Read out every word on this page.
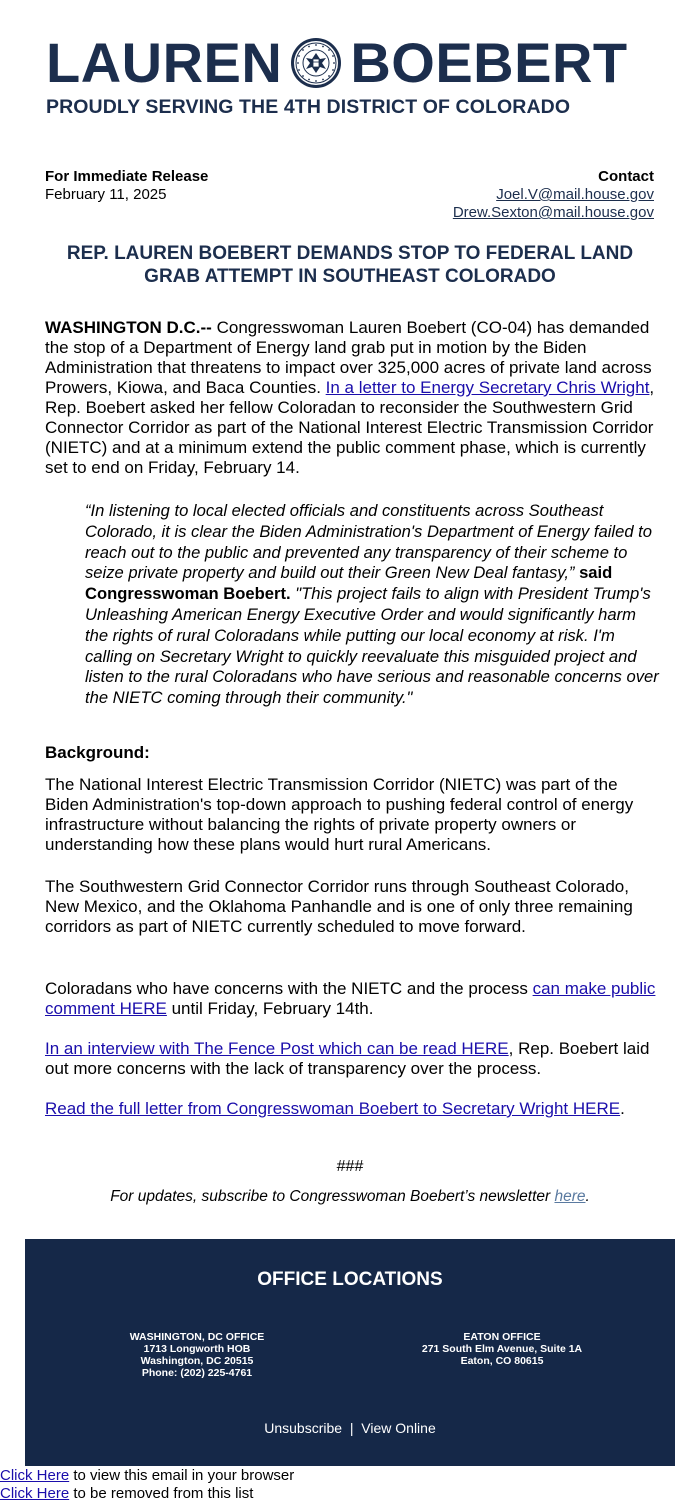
LAUREN BOEBERT
PROUDLY SERVING THE 4TH DISTRICT OF COLORADO
For Immediate Release
February 11, 2025
Contact
Joel.V@mail.house.gov
Drew.Sexton@mail.house.gov
REP. LAUREN BOEBERT DEMANDS STOP TO FEDERAL LAND GRAB ATTEMPT IN SOUTHEAST COLORADO
WASHINGTON D.C.-- Congresswoman Lauren Boebert (CO-04) has demanded the stop of a Department of Energy land grab put in motion by the Biden Administration that threatens to impact over 325,000 acres of private land across Prowers, Kiowa, and Baca Counties. In a letter to Energy Secretary Chris Wright, Rep. Boebert asked her fellow Coloradan to reconsider the Southwestern Grid Connector Corridor as part of the National Interest Electric Transmission Corridor (NIETC) and at a minimum extend the public comment phase, which is currently set to end on Friday, February 14.
“In listening to local elected officials and constituents across Southeast Colorado, it is clear the Biden Administration's Department of Energy failed to reach out to the public and prevented any transparency of their scheme to seize private property and build out their Green New Deal fantasy,” said Congresswoman Boebert. "This project fails to align with President Trump's Unleashing American Energy Executive Order and would significantly harm the rights of rural Coloradans while putting our local economy at risk. I'm calling on Secretary Wright to quickly reevaluate this misguided project and listen to the rural Coloradans who have serious and reasonable concerns over the NIETC coming through their community."
Background:
The National Interest Electric Transmission Corridor (NIETC) was part of the Biden Administration's top-down approach to pushing federal control of energy infrastructure without balancing the rights of private property owners or understanding how these plans would hurt rural Americans.
The Southwestern Grid Connector Corridor runs through Southeast Colorado, New Mexico, and the Oklahoma Panhandle and is one of only three remaining corridors as part of NIETC currently scheduled to move forward.
Coloradans who have concerns with the NIETC and the process can make public comment HERE until Friday, February 14th.
In an interview with The Fence Post which can be read HERE, Rep. Boebert laid out more concerns with the lack of transparency over the process.
Read the full letter from Congresswoman Boebert to Secretary Wright HERE.
###
For updates, subscribe to Congresswoman Boebert’s newsletter here.
OFFICE LOCATIONS
WASHINGTON, DC OFFICE
1713 Longworth HOB
Washington, DC 20515
Phone: (202) 225-4761
EATON OFFICE
271 South Elm Avenue, Suite 1A
Eaton, CO 80615
Unsubscribe | View Online
Click Here to view this email in your browser
Click Here to be removed from this list
